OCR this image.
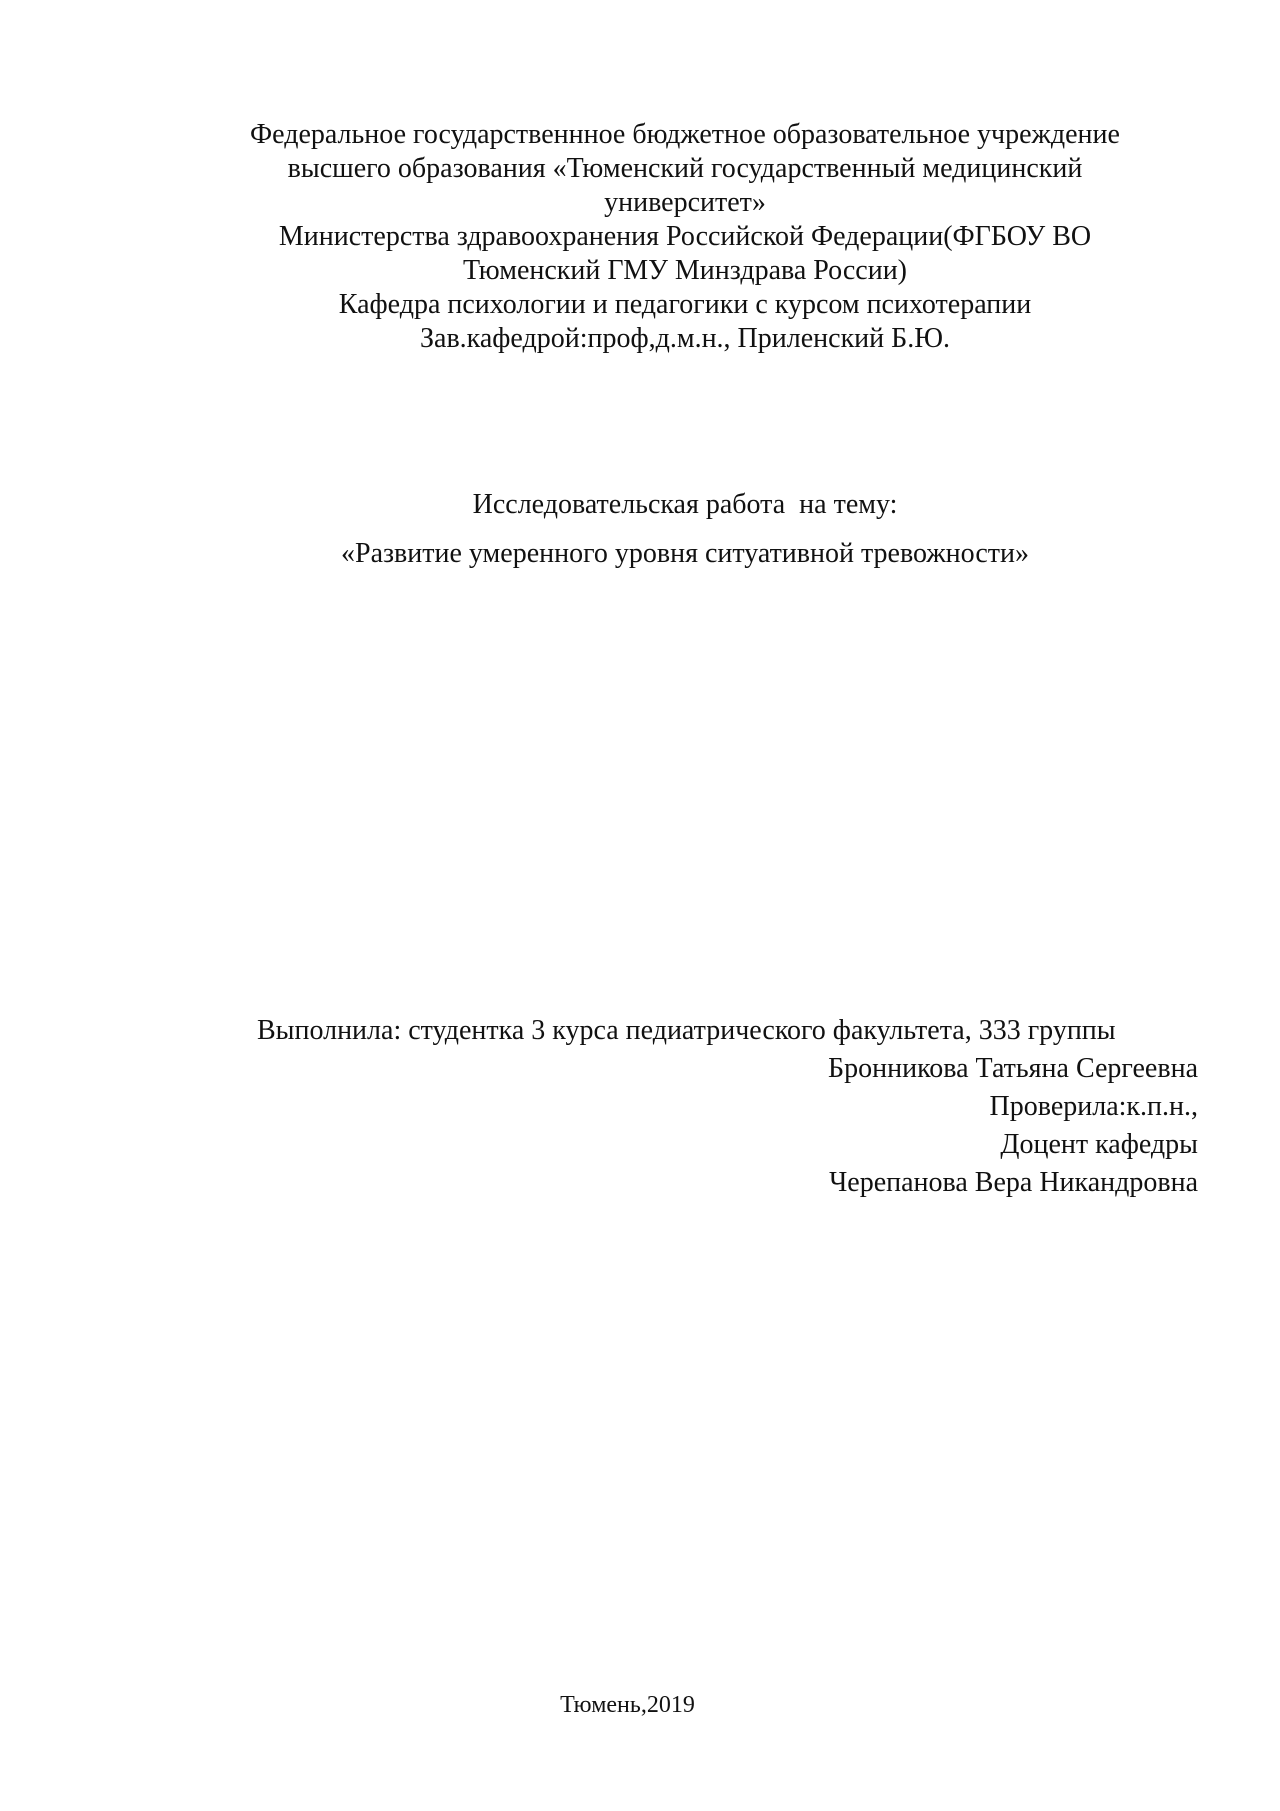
Федеральное государственнное бюджетное образовательное учреждение
высшего образования «Тюменский государственный медицинский
университет»
Министерства здравоохранения Российской Федерации(ФГБОУ ВО
Тюменский ГМУ Минздрава России)
Кафедра психологии и педагогики с курсом психотерапии
Зав.кафедрой:проф,д.м.н., Приленский Б.Ю.
Исследовательская работа  на тему:
«Развитие умеренного уровня ситуативной тревожности»
Выполнила: студентка 3 курса педиатрического факультета, 333 группы
Бронникова Татьяна Сергеевна
Проверила:к.п.н.,
Доцент кафедры
Черепанова Вера Никандровна
Тюмень,2019
